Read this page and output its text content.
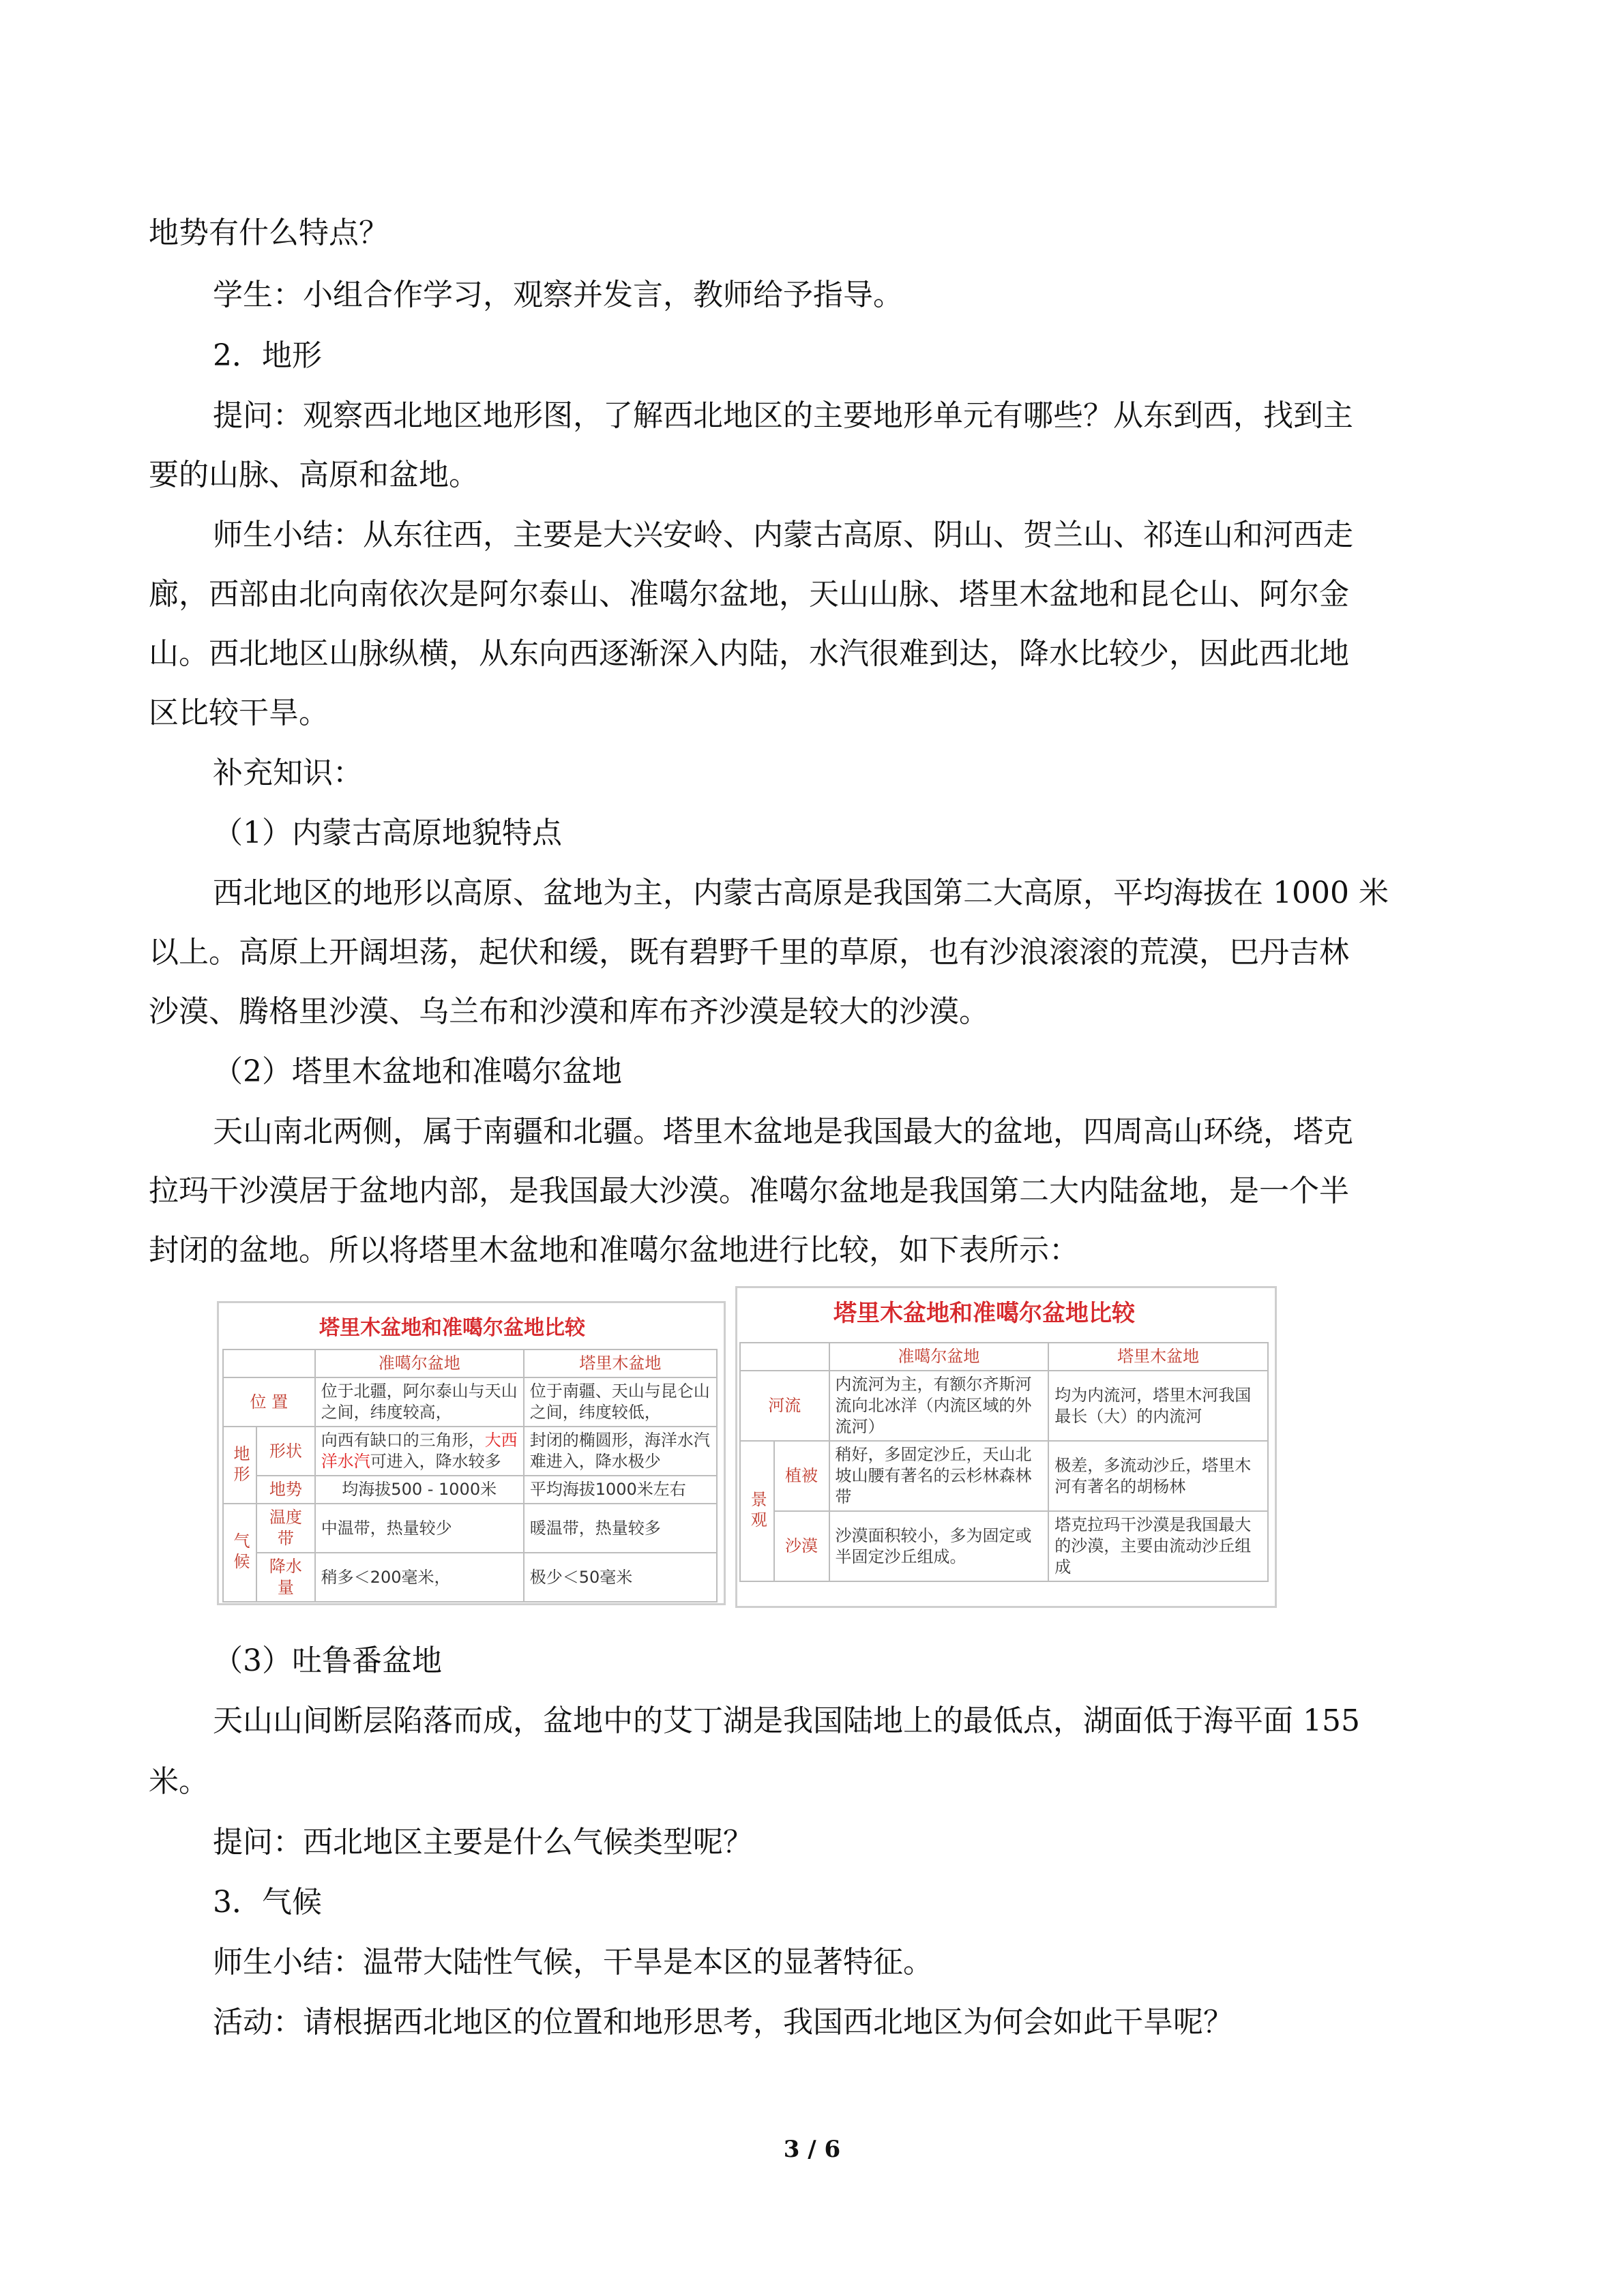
地势有什么特点？

学生：小组合作学习，观察并发言，教师给予指导。

2．地形

提问：观察西北地区地形图，了解西北地区的主要地形单元有哪些？从东到西，找到主

要的山脉、高原和盆地。

师生小结：从东往西，主要是大兴安岭、内蒙古高原、阴山、贺兰山、祁连山和河西走

廊，西部由北向南依次是阿尔泰山、准噶尔盆地，天山山脉、塔里木盆地和昆仑山、阿尔金

山。西北地区山脉纵横，从东向西逐渐深入内陆，水汽很难到达，降水比较少，因此西北地

区比较干旱。

补充知识：

（1）内蒙古高原地貌特点

西北地区的地形以高原、盆地为主，内蒙古高原是我国第二大高原，平均海拔在 1000 米

以上。高原上开阔坦荡，起伏和缓，既有碧野千里的草原，也有沙浪滚滚的荒漠，巴丹吉林

沙漠、腾格里沙漠、乌兰布和沙漠和库布齐沙漠是较大的沙漠。

（2）塔里木盆地和准噶尔盆地

天山南北两侧，属于南疆和北疆。塔里木盆地是我国最大的盆地，四周高山环绕，塔克

拉玛干沙漠居于盆地内部，是我国最大沙漠。准噶尔盆地是我国第二大内陆盆地，是一个半

封闭的盆地。所以将塔里木盆地和准噶尔盆地进行比较，如下表所示：

塔里木盆地和准噶尔盆地比较
		准噶尔盆地	塔里木盆地
位 置		位于北疆，阿尔泰山与天山之间，纬度较高，	位于南疆、天山与昆仑山之间，纬度较低，
地形	形状	向西有缺口的三角形，大西洋水汽可进入，降水较多	封闭的椭圆形，海洋水汽难进入，降水极少
	地势	均海拔500 - 1000米	平均海拔1000米左右
气候	温度带	中温带，热量较少	暖温带，热量较多
	降水量	稍多＜200毫米，	极少＜50毫米
塔里木盆地和准噶尔盆地比较
		准噶尔盆地	塔里木盆地
河流		内流河为主，有额尔齐斯河流向北冰洋（内流区域的外流河）	均为内流河，塔里木河我国最长（大）的内流河
景观	植被	稍好，多固定沙丘，天山北坡山腰有著名的云杉林森林带	极差，多流动沙丘，塔里木河有著名的胡杨林
	沙漠	沙漠面积较小，多为固定或半固定沙丘组成。	塔克拉玛干沙漠是我国最大的沙漠，主要由流动沙丘组成

（3）吐鲁番盆地

天山山间断层陷落而成，盆地中的艾丁湖是我国陆地上的最低点，湖面低于海平面 155

米。

提问：西北地区主要是什么气候类型呢？

3．气候

师生小结：温带大陆性气候，干旱是本区的显著特征。

活动：请根据西北地区的位置和地形思考，我国西北地区为何会如此干旱呢？

3 / 6
